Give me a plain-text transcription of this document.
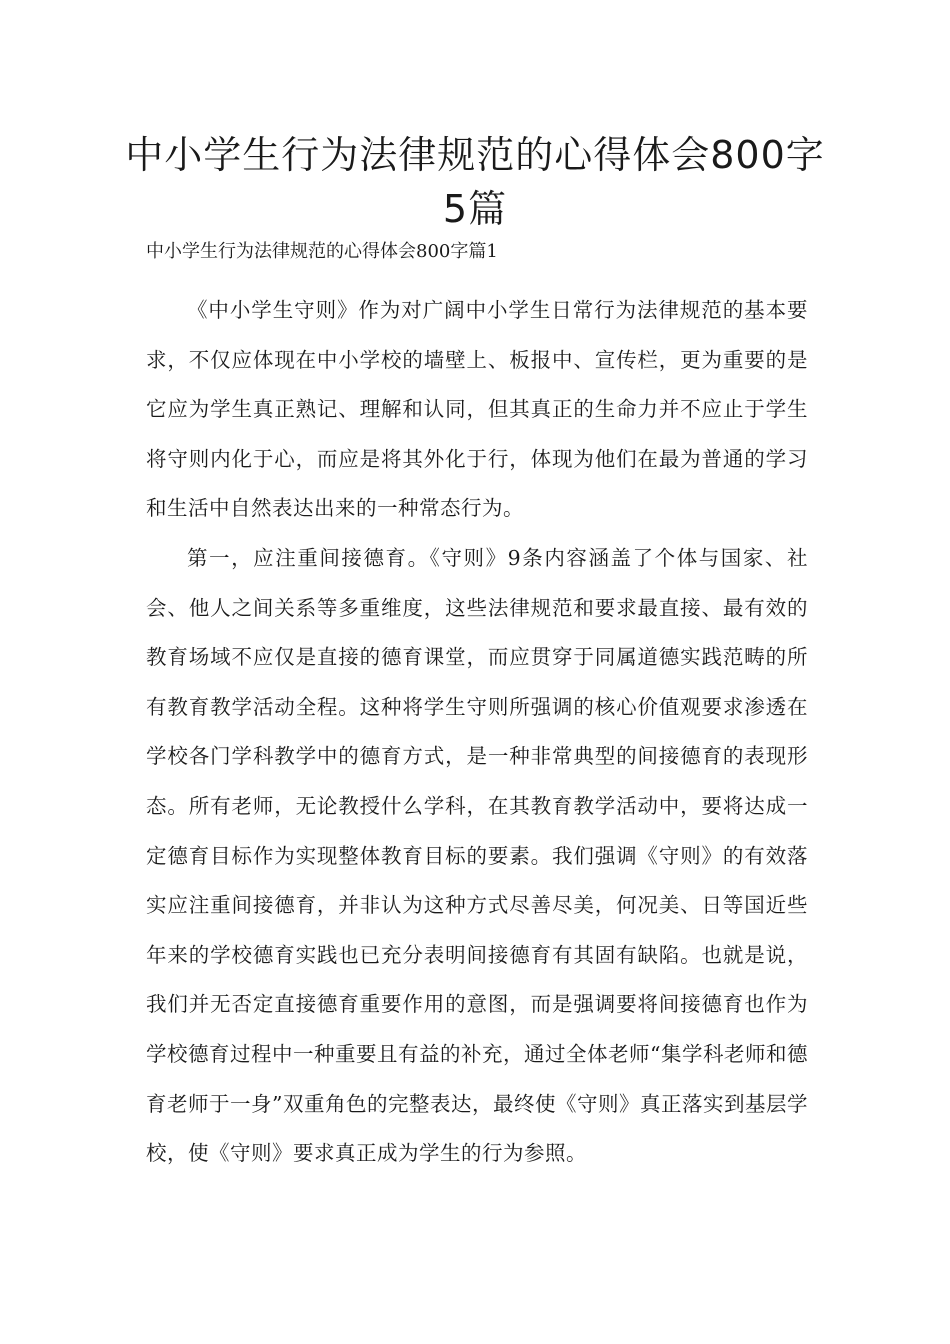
中小学生行为法律规范的心得体会800字5篇

中小学生行为法律规范的心得体会800字篇1

《中小学生守则》作为对广阔中小学生日常行为法律规范的基本要求，不仅应体现在中小学校的墙壁上、板报中、宣传栏，更为重要的是它应为学生真正熟记、理解和认同，但其真正的生命力并不应止于学生将守则内化于心，而应是将其外化于行，体现为他们在最为普通的学习和生活中自然表达出来的一种常态行为。

第一，应注重间接德育。《守则》9条内容涵盖了个体与国家、社会、他人之间关系等多重维度，这些法律规范和要求最直接、最有效的教育场域不应仅是直接的德育课堂，而应贯穿于同属道德实践范畴的所有教育教学活动全程。这种将学生守则所强调的核心价值观要求渗透在学校各门学科教学中的德育方式，是一种非常典型的间接德育的表现形态。所有老师，无论教授什么学科，在其教育教学活动中，要将达成一定德育目标作为实现整体教育目标的要素。我们强调《守则》的有效落实应注重间接德育，并非认为这种方式尽善尽美，何况美、日等国近些年来的学校德育实践也已充分表明间接德育有其固有缺陷。也就是说，我们并无否定直接德育重要作用的意图，而是强调要将间接德育也作为学校德育过程中一种重要且有益的补充，通过全体老师“集学科老师和德育老师于一身”双重角色的完整表达，最终使《守则》真正落实到基层学校，使《守则》要求真正成为学生的行为参照。
